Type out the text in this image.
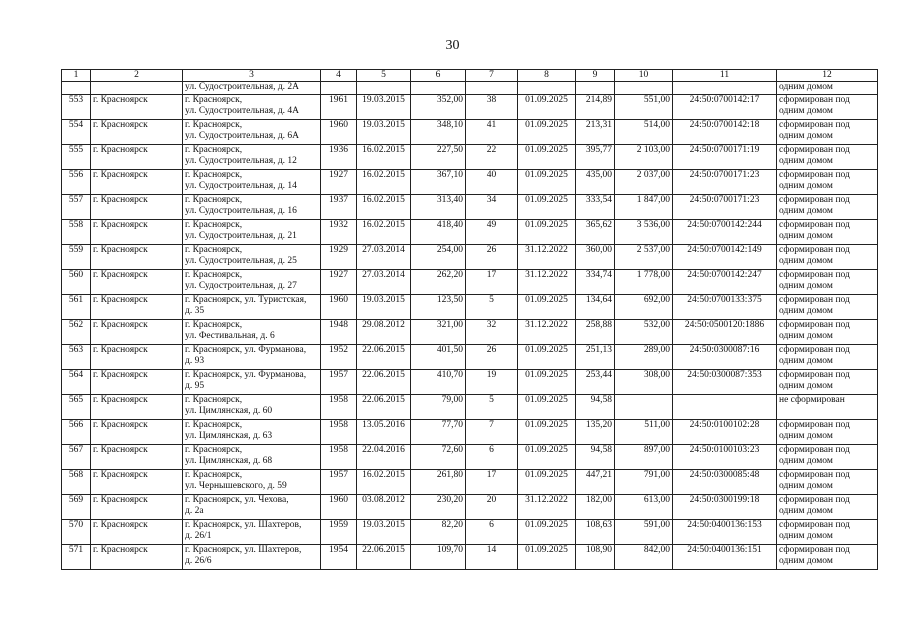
30
1	2	3	4	5	6	7	8	9	10	11	12
		ул. Судостроительная, д. 2А									одним домом
553	г. Красноярск	г. Красноярск,
ул. Судостроительная, д. 4А	1961	19.03.2015	352,00	38	01.09.2025	214,89	551,00	24:50:0700142:17	сформирован под
одним домом
554	г. Красноярск	г. Красноярск,
ул. Судостроительная, д. 6А	1960	19.03.2015	348,10	41	01.09.2025	213,31	514,00	24:50:0700142:18	сформирован под
одним домом
555	г. Красноярск	г. Красноярск,
ул. Судостроительная, д. 12	1936	16.02.2015	227,50	22	01.09.2025	395,77	2 103,00	24:50:0700171:19	сформирован под
одним домом
556	г. Красноярск	г. Красноярск,
ул. Судостроительная, д. 14	1927	16.02.2015	367,10	40	01.09.2025	435,00	2 037,00	24:50:0700171:23	сформирован под
одним домом
557	г. Красноярск	г. Красноярск,
ул. Судостроительная, д. 16	1937	16.02.2015	313,40	34	01.09.2025	333,54	1 847,00	24:50:0700171:23	сформирован под
одним домом
558	г. Красноярск	г. Красноярск,
ул. Судостроительная, д. 21	1932	16.02.2015	418,40	49	01.09.2025	365,62	3 536,00	24:50:0700142:244	сформирован под
одним домом
559	г. Красноярск	г. Красноярск,
ул. Судостроительная, д. 25	1929	27.03.2014	254,00	26	31.12.2022	360,00	2 537,00	24:50:0700142:149	сформирован под
одним домом
560	г. Красноярск	г. Красноярск,
ул. Судостроительная, д. 27	1927	27.03.2014	262,20	17	31.12.2022	334,74	1 778,00	24:50:0700142:247	сформирован под
одним домом
561	г. Красноярск	г. Красноярск, ул. Туристская,
д. 35	1960	19.03.2015	123,50	5	01.09.2025	134,64	692,00	24:50:0700133:375	сформирован под
одним домом
562	г. Красноярск	г. Красноярск,
ул. Фестивальная, д. 6	1948	29.08.2012	321,00	32	31.12.2022	258,88	532,00	24:50:0500120:1886	сформирован под
одним домом
563	г. Красноярск	г. Красноярск, ул. Фурманова,
д. 93	1952	22.06.2015	401,50	26	01.09.2025	251,13	289,00	24:50:0300087:16	сформирован под
одним домом
564	г. Красноярск	г. Красноярск, ул. Фурманова,
д. 95	1957	22.06.2015	410,70	19	01.09.2025	253,44	308,00	24:50:0300087:353	сформирован под
одним домом
565	г. Красноярск	г. Красноярск,
ул. Цимлянская, д. 60	1958	22.06.2015	79,00	5	01.09.2025	94,58			не сформирован
566	г. Красноярск	г. Красноярск,
ул. Цимлянская, д. 63	1958	13.05.2016	77,70	7	01.09.2025	135,20	511,00	24:50:0100102:28	сформирован под
одним домом
567	г. Красноярск	г. Красноярск,
ул. Цимлянская, д. 68	1958	22.04.2016	72,60	6	01.09.2025	94,58	897,00	24:50:0100103:23	сформирован под
одним домом
568	г. Красноярск	г. Красноярск,
ул. Чернышевского, д. 59	1957	16.02.2015	261,80	17	01.09.2025	447,21	791,00	24:50:0300085:48	сформирован под
одним домом
569	г. Красноярск	г. Красноярск, ул. Чехова,
д. 2а	1960	03.08.2012	230,20	20	31.12.2022	182,00	613,00	24:50:0300199:18	сформирован под
одним домом
570	г. Красноярск	г. Красноярск, ул. Шахтеров,
д. 26/1	1959	19.03.2015	82,20	6	01.09.2025	108,63	591,00	24:50:0400136:153	сформирован под
одним домом
571	г. Красноярск	г. Красноярск, ул. Шахтеров,
д. 26/6	1954	22.06.2015	109,70	14	01.09.2025	108,90	842,00	24:50:0400136:151	сформирован под
одним домом
